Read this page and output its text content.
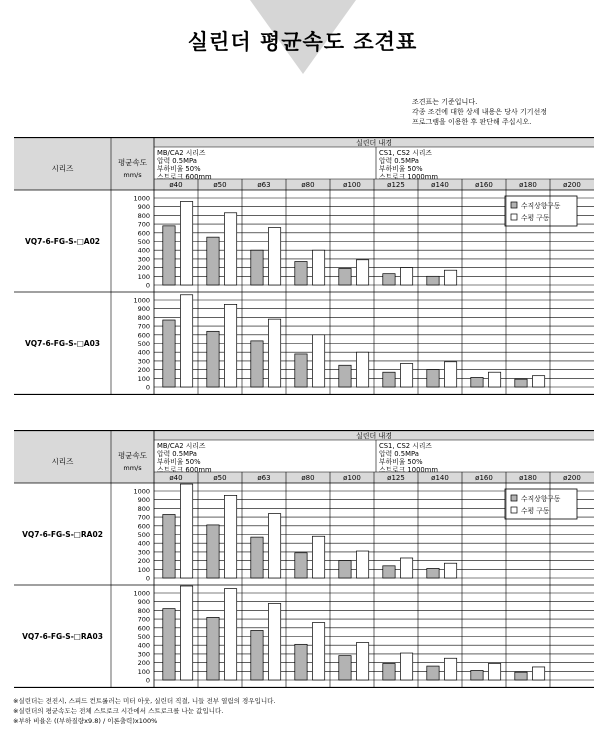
실린더 평균속도 조견표
조견표는 기준입니다.
각종 조건에 대한 상세 내용은 당사 기기선정
프로그램을 이용한 후 판단해 주십시오.
시리즈
평균속도
mm/s
실린더 내경
MB/CA2 시리즈
압력 0.5MPa
부하비율 50%
스트로크 600mm
CS1, CS2 시리즈
압력 0.5MPa
부하비율 50%
스트로크 1000mm
ø40	ø50	ø63	ø80	ø100	ø125	ø140	ø160	ø180	ø200
VQ7-6-FG-S-□A02
0
100
200
300
400
500
600
700
800
900
1000
수직상향구동
수평 구동
VQ7-6-FG-S-□A03
0
100
200
300
400
500
600
700
800
900
1000
시리즈
평균속도
mm/s
실린더 내경
MB/CA2 시리즈
압력 0.5MPa
부하비율 50%
스트로크 600mm
CS1, CS2 시리즈
압력 0.5MPa
부하비율 50%
스트로크 1000mm
ø40	ø50	ø63	ø80	ø100	ø125	ø140	ø160	ø180	ø200
VQ7-6-FG-S-□RA02
0
100
200
300
400
500
600
700
800
900
1000
수직상향구동
수평 구동
VQ7-6-FG-S-□RA03
0
100
200
300
400
500
600
700
800
900
1000
※실린더는 전진시, 스피드 컨트롤러는 미터 아웃, 실린더 직결, 니들 전부 열림의 경우입니다.
※실린더의 평균속도는 전체 스트로크 시간에서 스트로크를 나눈 값입니다.
※부하 비율은 ((부하질량x9.8) / 이론출력)x100%
